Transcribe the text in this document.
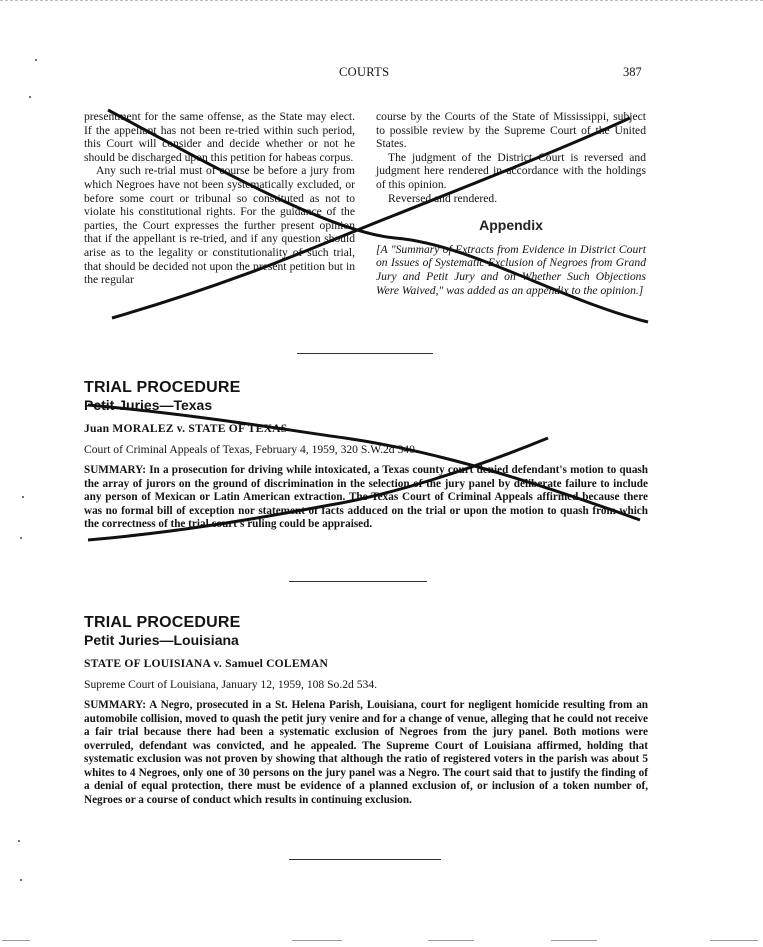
COURTS	387

presentment for the same offense, as the State may elect. If the appellant has not been re-tried within such period, this Court will consider and decide whether or not he should be discharged upon this petition for habeas corpus.

Any such re-trial must of course be before a jury from which Negroes have not been systematically excluded, or before some court or tribunal so constituted as not to violate his constitutional rights. For the guidance of the parties, the Court expresses the further present opinion that if the appellant is re-tried, and if any question should arise as to the legality or constitutionality of such trial, that should be decided not upon the present petition but in the regular

course by the Courts of the State of Mississippi, subject to possible review by the Supreme Court of the United States.

The judgment of the District Court is reversed and judgment here rendered in accordance with the holdings of this opinion.

Reversed and rendered.

Appendix

[A "Summary of Extracts from Evidence in District Court on Issues of Systematic Exclusion of Negroes from Grand Jury and Petit Jury and on Whether Such Objections Were Waived," was added as an appendix to the opinion.]

TRIAL PROCEDURE
Petit Juries—Texas
Juan MORALEZ v. STATE OF TEXAS
Court of Criminal Appeals of Texas, February 4, 1959, 320 S.W.2d 340.
SUMMARY: In a prosecution for driving while intoxicated, a Texas county court denied defendant's motion to quash the array of jurors on the ground of discrimination in the selection of the jury panel by deliberate failure to include any person of Mexican or Latin American extraction. The Texas Court of Criminal Appeals affirmed because there was no formal bill of exception nor statement of facts adduced on the trial or upon the motion to quash from which the correctness of the trial court's ruling could be appraised.
TRIAL PROCEDURE
Petit Juries—Louisiana
STATE OF LOUISIANA v. Samuel COLEMAN
Supreme Court of Louisiana, January 12, 1959, 108 So.2d 534.
SUMMARY: A Negro, prosecuted in a St. Helena Parish, Louisiana, court for negligent homicide resulting from an automobile collision, moved to quash the petit jury venire and for a change of venue, alleging that he could not receive a fair trial because there had been a systematic exclusion of Negroes from the jury panel. Both motions were overruled, defendant was convicted, and he appealed. The Supreme Court of Louisiana affirmed, holding that systematic exclusion was not proven by showing that although the ratio of registered voters in the parish was about 5 whites to 4 Negroes, only one of 30 persons on the jury panel was a Negro. The court said that to justify the finding of a denial of equal protection, there must be evidence of a planned exclusion of, or inclusion of a token number of, Negroes or a course of conduct which results in continuing exclusion.
